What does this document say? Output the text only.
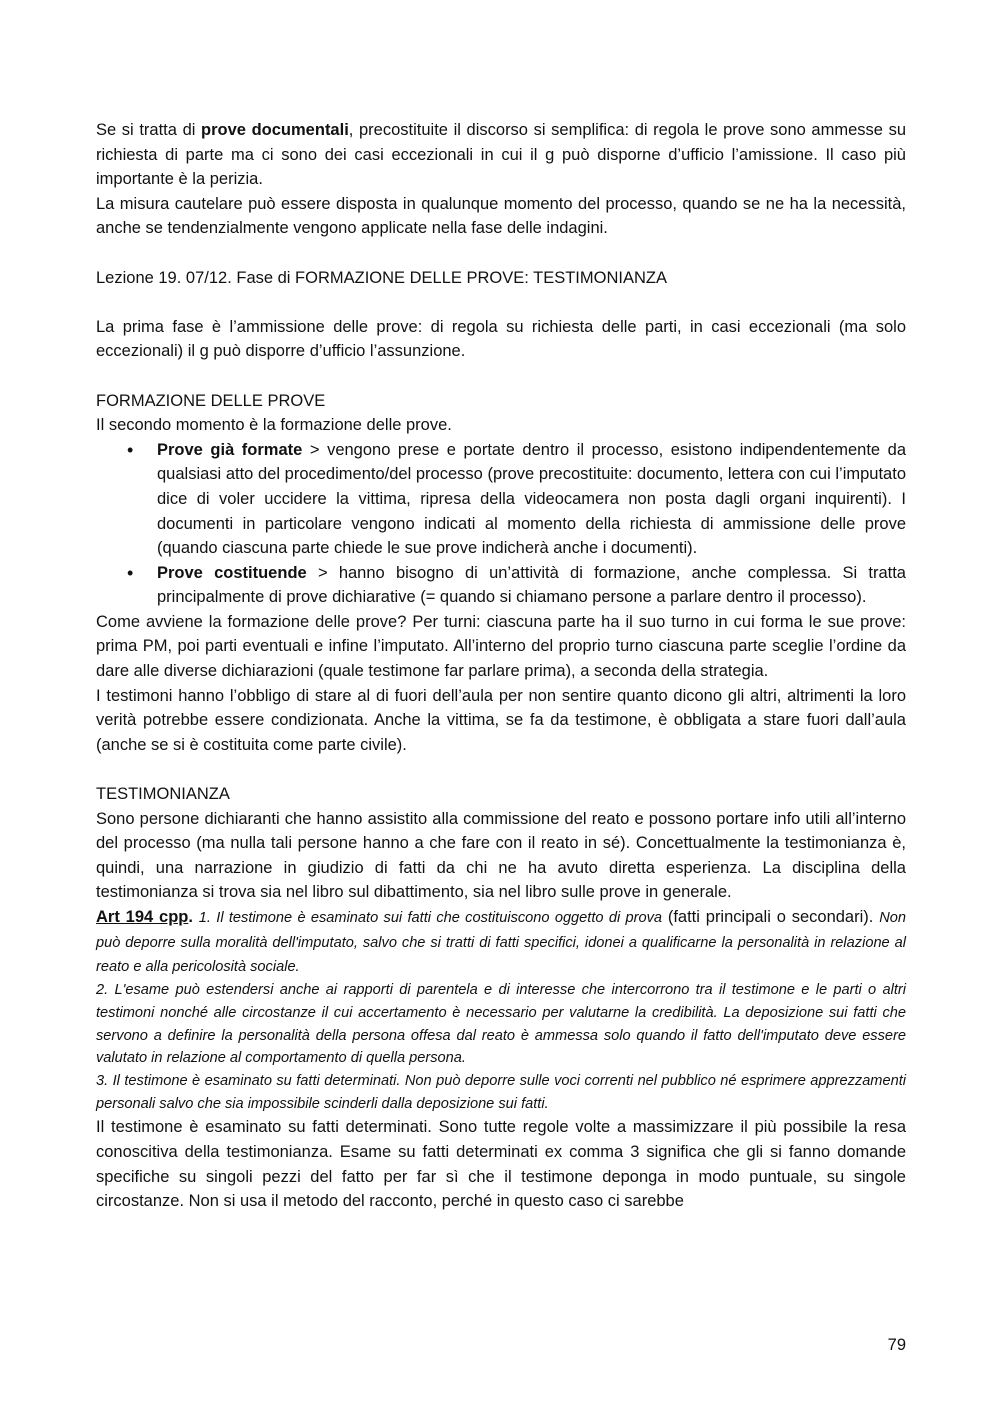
Se si tratta di prove documentali, precostituite il discorso si semplifica: di regola le prove sono ammesse su richiesta di parte ma ci sono dei casi eccezionali in cui il g può disporne d’ufficio l’amissione. Il caso più importante è la perizia.

La misura cautelare può essere disposta in qualunque momento del processo, quando se ne ha la necessità, anche se tendenzialmente vengono applicate nella fase delle indagini.

Lezione 19. 07/12. Fase di FORMAZIONE DELLE PROVE: TESTIMONIANZA

La prima fase è l’ammissione delle prove: di regola su richiesta delle parti, in casi eccezionali (ma solo eccezionali) il g può disporre d’ufficio l’assunzione.

FORMAZIONE DELLE PROVE

Il secondo momento è la formazione delle prove.

• Prove già formate > vengono prese e portate dentro il processo, esistono indipendentemente da qualsiasi atto del procedimento/del processo (prove precostituite: documento, lettera con cui l’imputato dice di voler uccidere la vittima, ripresa della videocamera non posta dagli organi inquirenti). I documenti in particolare vengono indicati al momento della richiesta di ammissione delle prove (quando ciascuna parte chiede le sue prove indicherà anche i documenti).
• Prove costituende > hanno bisogno di un’attività di formazione, anche complessa. Si tratta principalmente di prove dichiarative (= quando si chiamano persone a parlare dentro il processo).

Come avviene la formazione delle prove? Per turni: ciascuna parte ha il suo turno in cui forma le sue prove: prima PM, poi parti eventuali e infine l’imputato. All’interno del proprio turno ciascuna parte sceglie l’ordine da dare alle diverse dichiarazioni (quale testimone far parlare prima), a seconda della strategia.

I testimoni hanno l’obbligo di stare al di fuori dell’aula per non sentire quanto dicono gli altri, altrimenti la loro verità potrebbe essere condizionata. Anche la vittima, se fa da testimone, è obbligata a stare fuori dall’aula (anche se si è costituita come parte civile).

TESTIMONIANZA

Sono persone dichiaranti che hanno assistito alla commissione del reato e possono portare info utili all’interno del processo (ma nulla tali persone hanno a che fare con il reato in sé). Concettualmente la testimonianza è, quindi, una narrazione in giudizio di fatti da chi ne ha avuto diretta esperienza. La disciplina della testimonianza si trova sia nel libro sul dibattimento, sia nel libro sulle prove in generale.

Art 194 cpp. 1. Il testimone è esaminato sui fatti che costituiscono oggetto di prova (fatti principali o secondari). Non può deporre sulla moralità dell'imputato, salvo che si tratti di fatti specifici, idonei a qualificarne la personalità in relazione al reato e alla pericolosità sociale.

2. L'esame può estendersi anche ai rapporti di parentela e di interesse che intercorrono tra il testimone e le parti o altri testimoni nonché alle circostanze il cui accertamento è necessario per valutarne la credibilità. La deposizione sui fatti che servono a definire la personalità della persona offesa dal reato è ammessa solo quando il fatto dell'imputato deve essere valutato in relazione al comportamento di quella persona.

3. Il testimone è esaminato su fatti determinati. Non può deporre sulle voci correnti nel pubblico né esprimere apprezzamenti personali salvo che sia impossibile scinderli dalla deposizione sui fatti.

Il testimone è esaminato su fatti determinati. Sono tutte regole volte a massimizzare il più possibile la resa conoscitiva della testimonianza. Esame su fatti determinati ex comma 3 significa che gli si fanno domande specifiche su singoli pezzi del fatto per far sì che il testimone deponga in modo puntuale, su singole circostanze. Non si usa il metodo del racconto, perché in questo caso ci sarebbe

79
